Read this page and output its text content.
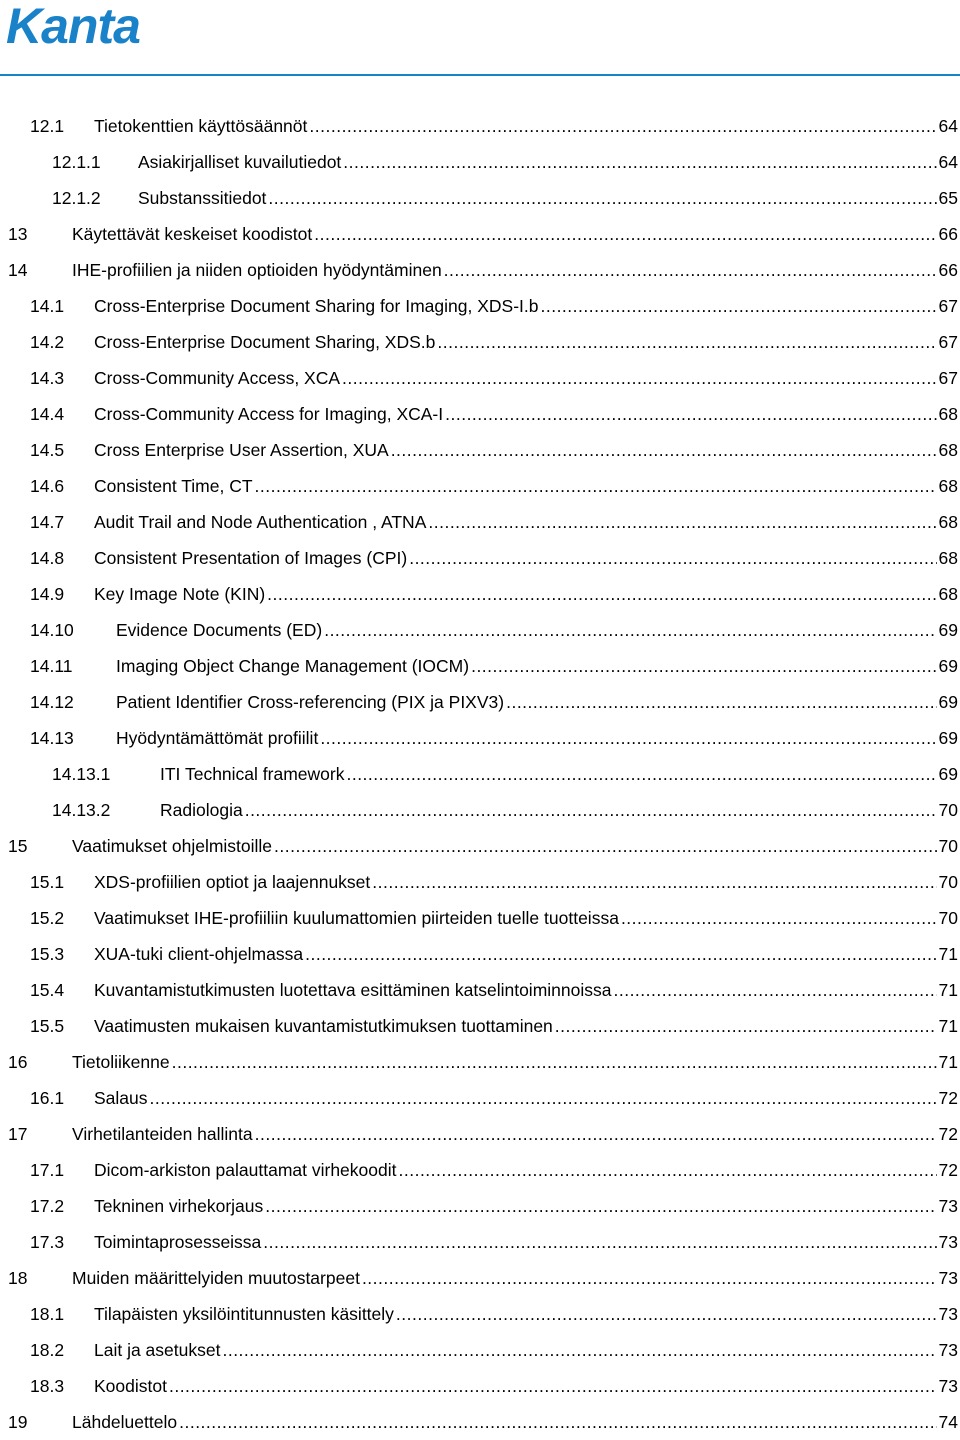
Kanta
12.1 Tietokenttien käyttösäännöt .....	64
12.1.1 Asiakirjalliset kuvailutiedot .....	64
12.1.2 Substanssitiedot .....	65
13	Käytettävät keskeiset koodistot .....	66
14	IHE-profiilien ja niiden optioiden hyödyntäminen .....	66
14.1 Cross-Enterprise Document Sharing for Imaging, XDS-I.b .....	67
14.2 Cross-Enterprise Document Sharing, XDS.b .....	67
14.3 Cross-Community Access, XCA .....	67
14.4 Cross-Community Access for Imaging, XCA-I .....	68
14.5 Cross Enterprise User Assertion, XUA .....	68
14.6 Consistent Time, CT .....	68
14.7 Audit Trail and Node Authentication , ATNA .....	68
14.8 Consistent Presentation of Images (CPI) .....	68
14.9 Key Image Note (KIN) .....	68
14.10 Evidence Documents (ED) .....	69
14.11 Imaging Object Change Management (IOCM) .....	69
14.12 Patient Identifier Cross-referencing (PIX ja PIXV3) .....	69
14.13 Hyödyntämättömät profiilit .....	69
14.13.1	ITI Technical framework .....	69
14.13.2	Radiologia .....	70
15	Vaatimukset ohjelmistoille .....	70
15.1 XDS-profiilien optiot ja laajennukset .....	70
15.2 Vaatimukset IHE-profiiliin kuulumattomien piirteiden tuelle tuotteissa .....	70
15.3 XUA-tuki client-ohjelmassa .....	71
15.4 Kuvantamistutkimusten luotettava esittäminen katselintoiminnoissa .....	71
15.5 Vaatimusten mukaisen kuvantamistutkimuksen tuottaminen .....	71
16	Tietoliikenne .....	71
16.1 Salaus .....	72
17	Virhetilanteiden hallinta .....	72
17.1 Dicom-arkiston palauttamat virhekoodit .....	72
17.2 Tekninen virhekorjaus .....	73
17.3 Toimintaprosesseissa .....	73
18	Muiden määrittelyiden muutostarpeet .....	73
18.1 Tilapäisten yksilöintitunnusten käsittely .....	73
18.2 Lait ja asetukset .....	73
18.3 Koodistot .....	73
19	Lähdeluettelo .....	74
